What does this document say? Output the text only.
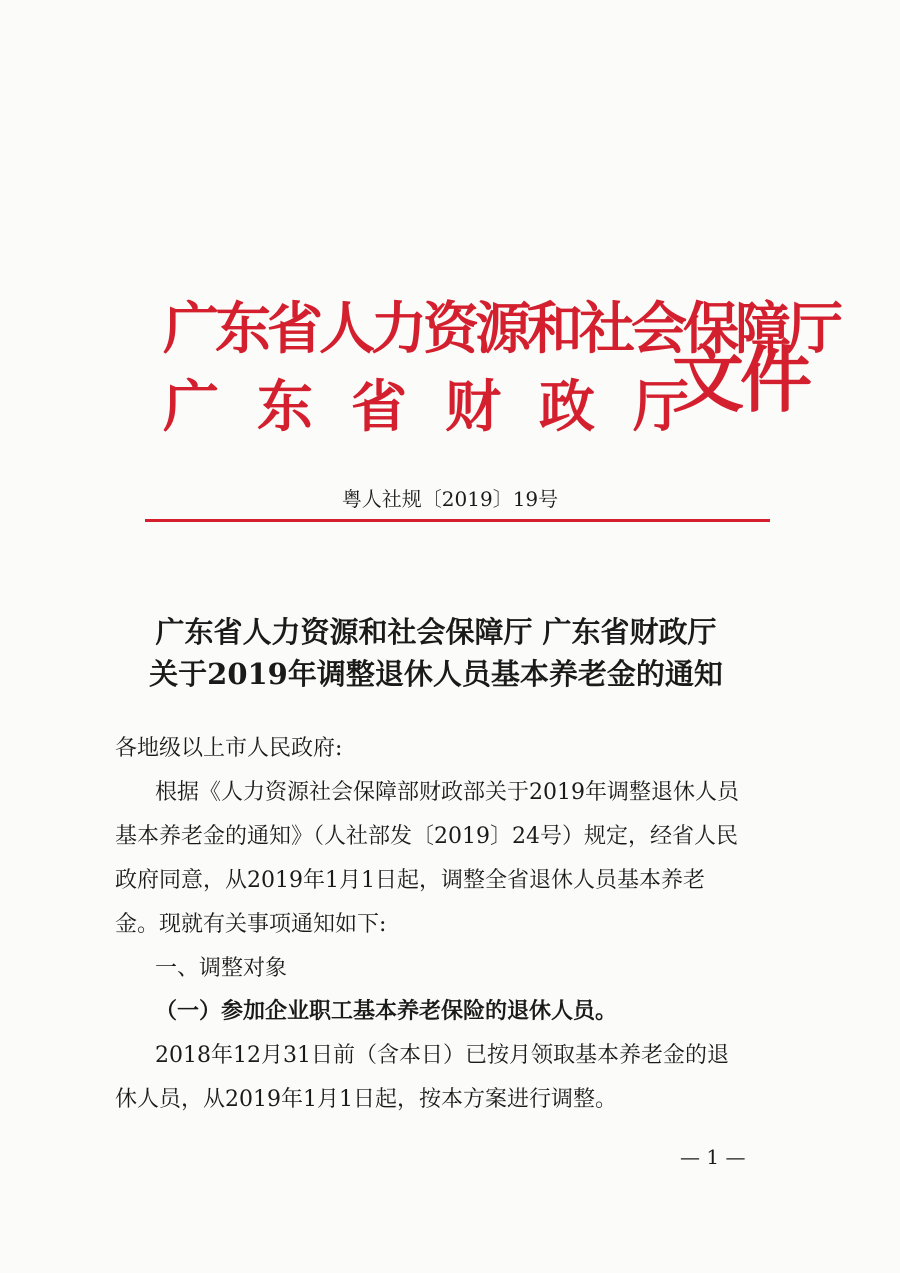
广东省人力资源和社会保障厅
广东省财政厅
文件
粤人社规〔2019〕19号
广东省人力资源和社会保障厅 广东省财政厅
关于2019年调整退休人员基本养老金的通知
各地级以上市人民政府:
根据《人力资源社会保障部财政部关于2019年调整退休人员
基本养老金的通知》（人社部发〔2019〕24号）规定，经省人民
政府同意，从2019年1月1日起，调整全省退休人员基本养老
金。现就有关事项通知如下:
一、调整对象
（一）参加企业职工基本养老保险的退休人员。
2018年12月31日前（含本日）已按月领取基本养老金的退
休人员，从2019年1月1日起，按本方案进行调整。
— 1 —
